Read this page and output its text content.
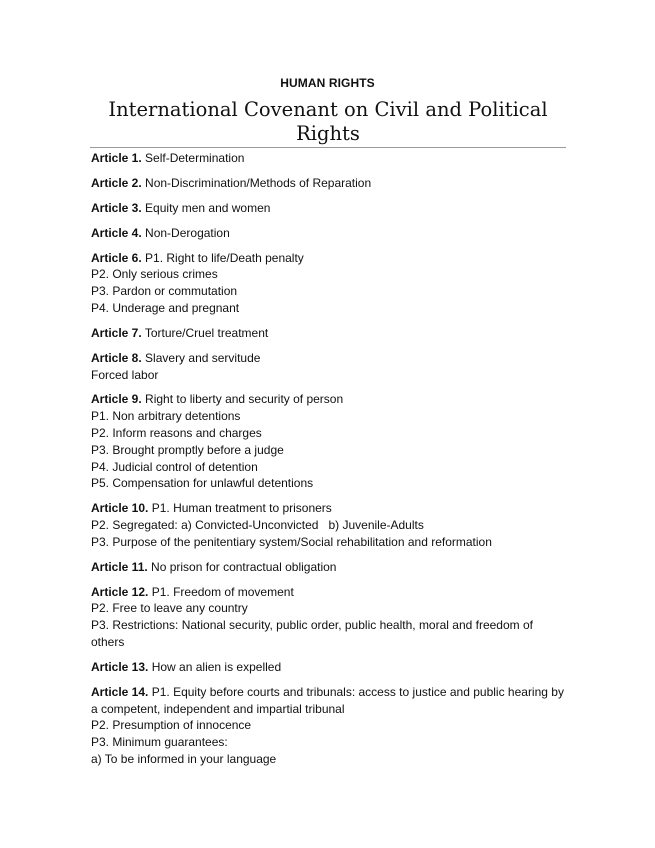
HUMAN RIGHTS
International Covenant on Civil and Political Rights
Article 1. Self-Determination
Article 2. Non-Discrimination/Methods of Reparation
Article 3. Equity men and women
Article 4. Non-Derogation
Article 6. P1. Right to life/Death penalty
P2. Only serious crimes
P3. Pardon or commutation
P4. Underage and pregnant
Article 7. Torture/Cruel treatment
Article 8. Slavery and servitude
Forced labor
Article 9. Right to liberty and security of person
P1. Non arbitrary detentions
P2. Inform reasons and charges
P3. Brought promptly before a judge
P4. Judicial control of detention
P5. Compensation for unlawful detentions
Article 10. P1. Human treatment to prisoners
P2. Segregated: a) Convicted-Unconvicted   b) Juvenile-Adults
P3. Purpose of the penitentiary system/Social rehabilitation and reformation
Article 11. No prison for contractual obligation
Article 12. P1. Freedom of movement
P2. Free to leave any country
P3. Restrictions: National security, public order, public health, moral and freedom of others
Article 13. How an alien is expelled
Article 14. P1. Equity before courts and tribunals: access to justice and public hearing by a competent, independent and impartial tribunal
P2. Presumption of innocence
P3. Minimum guarantees:
a) To be informed in your language
